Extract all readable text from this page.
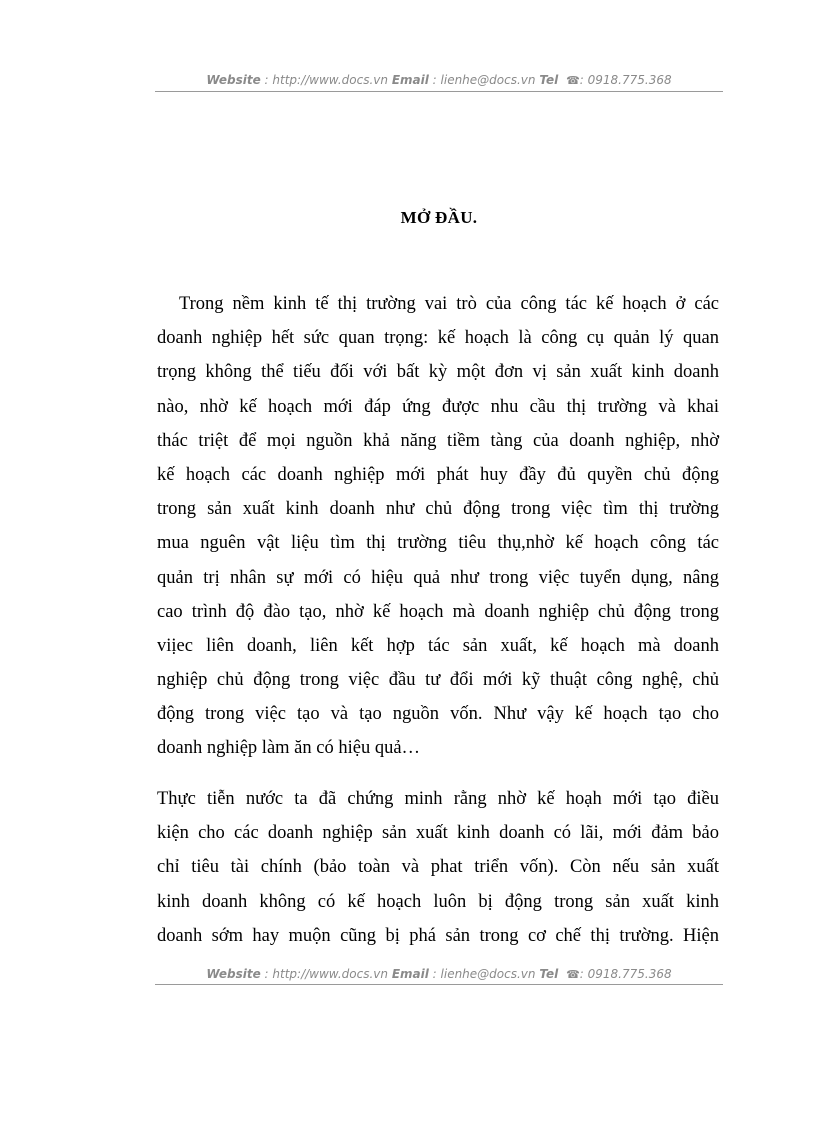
Website : http://www.docs.vn Email : lienhe@docs.vn Tel ☎: 0918.775.368
MỞ ĐẦU.
Trong nềm kinh tế thị trường vai trò của công tác kế hoạch ở các
doanh nghiệp hết sức quan trọng: kế hoạch là công cụ quản lý quan
trọng không thể tiếu đối với bất kỳ một đơn vị sản xuất kinh doanh
nào, nhờ kế hoạch mới đáp ứng được nhu cầu thị trường và khai
thác triệt để mọi nguồn khả năng tiềm tàng của doanh nghiệp, nhờ
kế hoạch các doanh nghiệp mới phát huy đầy đủ quyền chủ động
trong sản xuất kinh doanh như chủ động trong việc tìm thị trường
mua nguên vật liệu tìm thị trường tiêu thụ,nhờ kế hoạch công tác
quản trị nhân sự mới có hiệu quả như trong việc tuyển dụng, nâng
cao trình độ đào tạo, nhờ kế hoạch mà doanh nghiệp chủ động trong
viịec liên doanh, liên kết hợp tác sản xuất, kế hoạch mà doanh
nghiệp chủ động trong việc đầu tư đổi mới kỹ thuật công nghệ, chủ
động trong việc tạo và tạo nguồn vốn. Như vậy kế hoạch tạo cho
doanh nghiệp làm ăn có hiệu quả…
Thực tiễn nước ta đã chứng minh rằng nhờ kế hoạh mới tạo điều
kiện cho các doanh nghiệp sản xuất kinh doanh có lãi, mới đảm bảo
chỉ tiêu tài chính (bảo toàn và phat triển vốn). Còn nếu sản xuất
kinh doanh không có kế hoạch luôn bị động trong sản xuất kinh
doanh sớm hay muộn cũng bị phá sản trong cơ chế thị trường. Hiện
Website : http://www.docs.vn Email : lienhe@docs.vn Tel ☎: 0918.775.368
